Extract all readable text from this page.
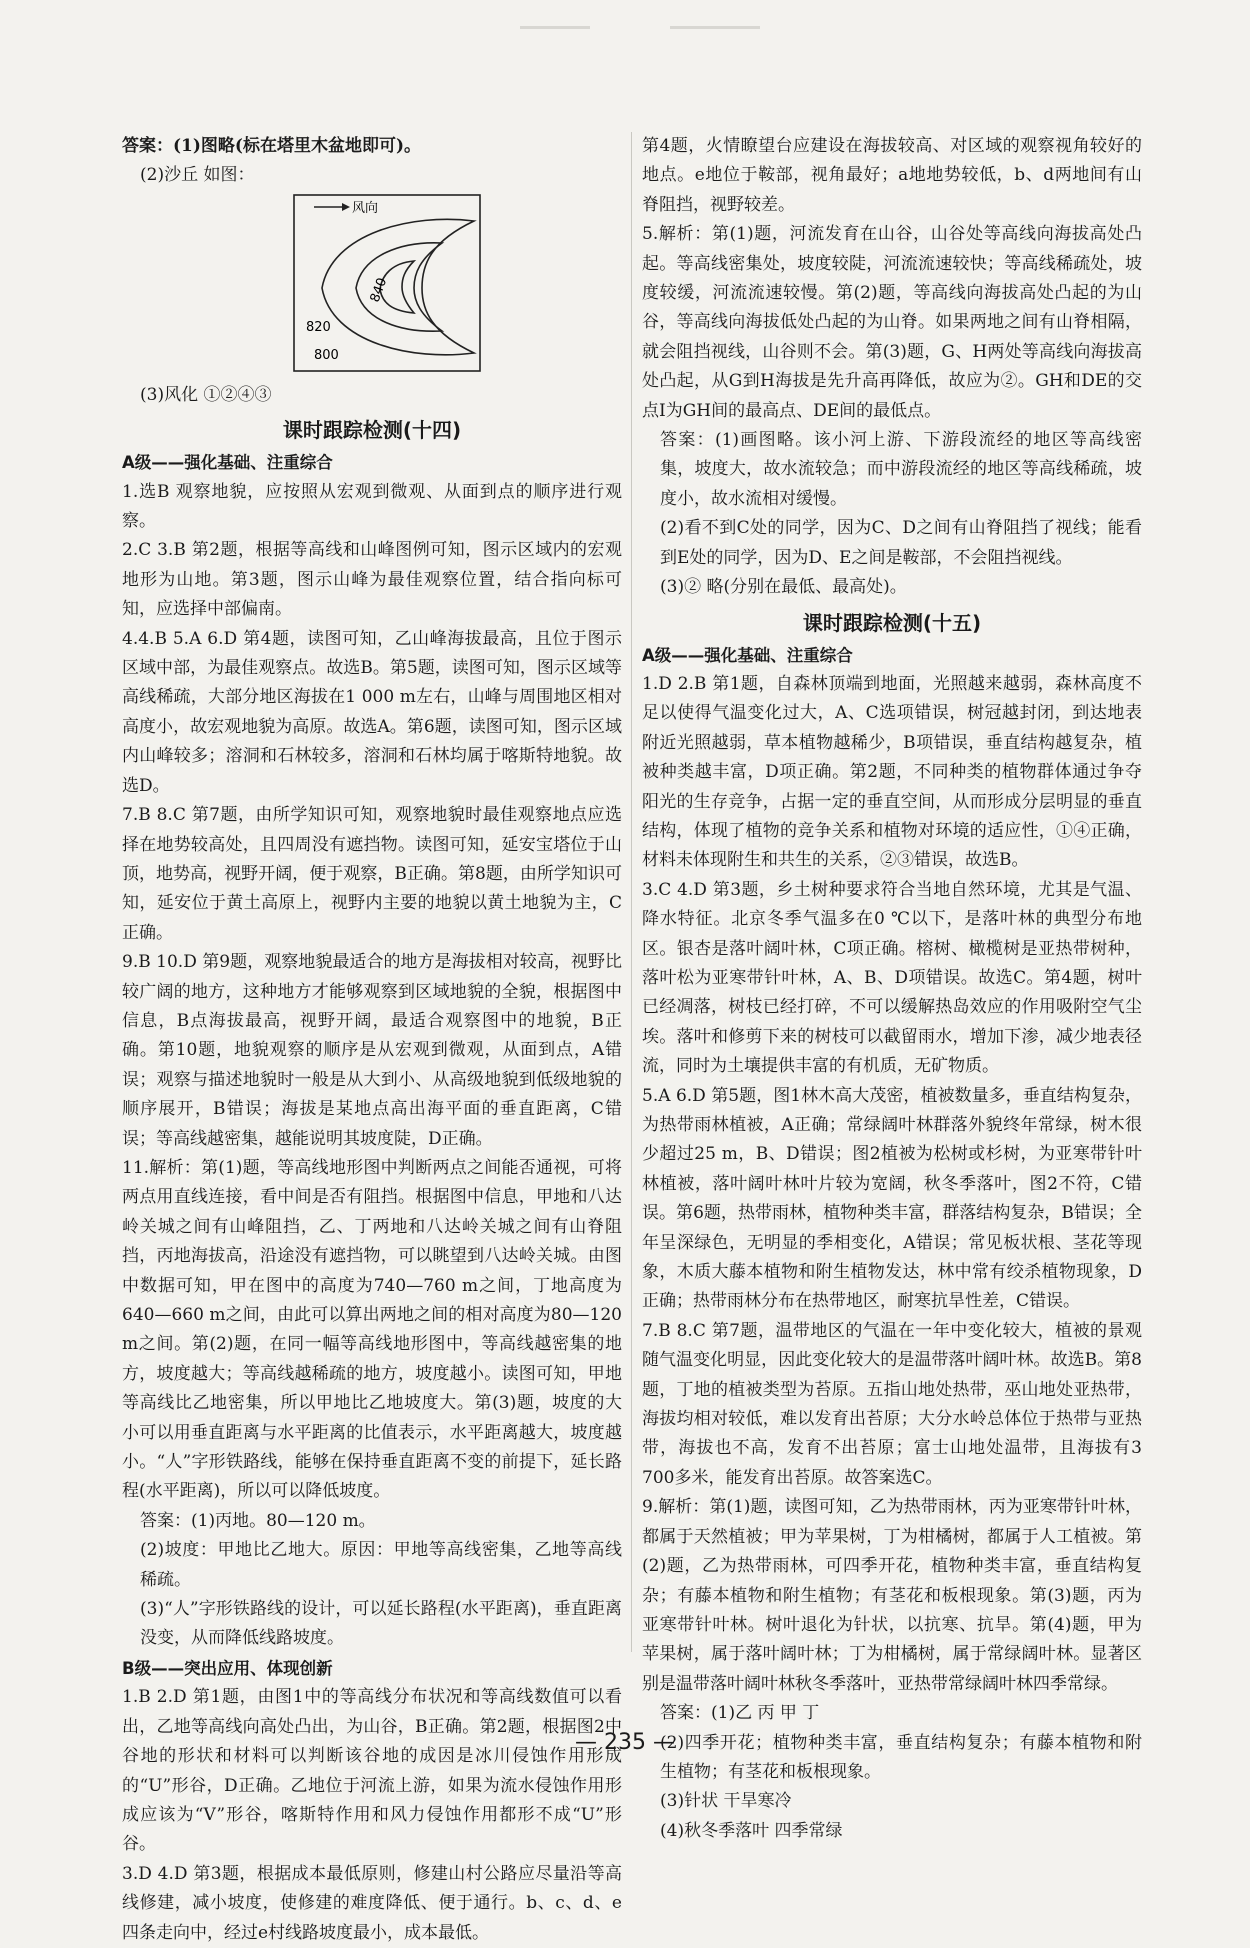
答案：(1)图略(标在塔里木盆地即可)。

(2)沙丘 如图：

风向
840
820
800

(3)风化 ①②④③

课时跟踪检测(十四)

A级——强化基础、注重综合

1.选B 观察地貌，应按照从宏观到微观、从面到点的顺序进行观察。

2.C 3.B 第2题，根据等高线和山峰图例可知，图示区域内的宏观地形为山地。第3题，图示山峰为最佳观察位置，结合指向标可知，应选择中部偏南。

4.4.B 5.A 6.D 第4题，读图可知，乙山峰海拔最高，且位于图示区域中部，为最佳观察点。故选B。第5题，读图可知，图示区域等高线稀疏，大部分地区海拔在1 000 m左右，山峰与周围地区相对高度小，故宏观地貌为高原。故选A。第6题，读图可知，图示区域内山峰较多；溶洞和石林较多，溶洞和石林均属于喀斯特地貌。故选D。

7.B 8.C 第7题，由所学知识可知，观察地貌时最佳观察地点应选择在地势较高处，且四周没有遮挡物。读图可知，延安宝塔位于山顶，地势高，视野开阔，便于观察，B正确。第8题，由所学知识可知，延安位于黄土高原上，视野内主要的地貌以黄土地貌为主，C正确。

9.B 10.D 第9题，观察地貌最适合的地方是海拔相对较高，视野比较广阔的地方，这种地方才能够观察到区域地貌的全貌，根据图中信息，B点海拔最高，视野开阔，最适合观察图中的地貌，B正确。第10题，地貌观察的顺序是从宏观到微观，从面到点，A错误；观察与描述地貌时一般是从大到小、从高级地貌到低级地貌的顺序展开，B错误；海拔是某地点高出海平面的垂直距离，C错误；等高线越密集，越能说明其坡度陡，D正确。

11.解析：第(1)题，等高线地形图中判断两点之间能否通视，可将两点用直线连接，看中间是否有阻挡。根据图中信息，甲地和八达岭关城之间有山峰阻挡，乙、丁两地和八达岭关城之间有山脊阻挡，丙地海拔高，沿途没有遮挡物，可以眺望到八达岭关城。由图中数据可知，甲在图中的高度为740—760 m之间，丁地高度为640—660 m之间，由此可以算出两地之间的相对高度为80—120 m之间。第(2)题，在同一幅等高线地形图中，等高线越密集的地方，坡度越大；等高线越稀疏的地方，坡度越小。读图可知，甲地等高线比乙地密集，所以甲地比乙地坡度大。第(3)题，坡度的大小可以用垂直距离与水平距离的比值表示，水平距离越大，坡度越小。“人”字形铁路线，能够在保持垂直距离不变的前提下，延长路程(水平距离)，所以可以降低坡度。

答案：(1)丙地。80—120 m。

(2)坡度：甲地比乙地大。原因：甲地等高线密集，乙地等高线稀疏。

(3)“人”字形铁路线的设计，可以延长路程(水平距离)，垂直距离没变，从而降低线路坡度。

B级——突出应用、体现创新

1.B 2.D 第1题，由图1中的等高线分布状况和等高线数值可以看出，乙地等高线向高处凸出，为山谷，B正确。第2题，根据图2中谷地的形状和材料可以判断该谷地的成因是冰川侵蚀作用形成的“U”形谷，D正确。乙地位于河流上游，如果为流水侵蚀作用形成应该为“V”形谷，喀斯特作用和风力侵蚀作用都形不成“U”形谷。

3.D 4.D 第3题，根据成本最低原则，修建山村公路应尽量沿等高线修建，减小坡度，使修建的难度降低、便于通行。b、c、d、e四条走向中，经过e村线路坡度最小，成本最低。

第4题，火情瞭望台应建设在海拔较高、对区域的观察视角较好的地点。e地位于鞍部，视角最好；a地地势较低，b、d两地间有山脊阻挡，视野较差。

5.解析：第(1)题，河流发育在山谷，山谷处等高线向海拔高处凸起。等高线密集处，坡度较陡，河流流速较快；等高线稀疏处，坡度较缓，河流流速较慢。第(2)题，等高线向海拔高处凸起的为山谷，等高线向海拔低处凸起的为山脊。如果两地之间有山脊相隔，就会阻挡视线，山谷则不会。第(3)题，G、H两处等高线向海拔高处凸起，从G到H海拔是先升高再降低，故应为②。GH和DE的交点I为GH间的最高点、DE间的最低点。

答案：(1)画图略。该小河上游、下游段流经的地区等高线密集，坡度大，故水流较急；而中游段流经的地区等高线稀疏，坡度小，故水流相对缓慢。

(2)看不到C处的同学，因为C、D之间有山脊阻挡了视线；能看到E处的同学，因为D、E之间是鞍部，不会阻挡视线。

(3)② 略(分别在最低、最高处)。

课时跟踪检测(十五)

A级——强化基础、注重综合

1.D 2.B 第1题，自森林顶端到地面，光照越来越弱，森林高度不足以使得气温变化过大，A、C选项错误，树冠越封闭，到达地表附近光照越弱，草本植物越稀少，B项错误，垂直结构越复杂，植被种类越丰富，D项正确。第2题，不同种类的植物群体通过争夺阳光的生存竞争，占据一定的垂直空间，从而形成分层明显的垂直结构，体现了植物的竞争关系和植物对环境的适应性，①④正确，材料未体现附生和共生的关系，②③错误，故选B。

3.C 4.D 第3题，乡土树种要求符合当地自然环境，尤其是气温、降水特征。北京冬季气温多在0 ℃以下，是落叶林的典型分布地区。银杏是落叶阔叶林，C项正确。榕树、橄榄树是亚热带树种，落叶松为亚寒带针叶林，A、B、D项错误。故选C。第4题，树叶已经凋落，树枝已经打碎，不可以缓解热岛效应的作用吸附空气尘埃。落叶和修剪下来的树枝可以截留雨水，增加下渗，减少地表径流，同时为土壤提供丰富的有机质，无矿物质。

5.A 6.D 第5题，图1林木高大茂密，植被数量多，垂直结构复杂，为热带雨林植被，A正确；常绿阔叶林群落外貌终年常绿，树木很少超过25 m，B、D错误；图2植被为松树或杉树，为亚寒带针叶林植被，落叶阔叶林叶片较为宽阔，秋冬季落叶，图2不符，C错误。第6题，热带雨林，植物种类丰富，群落结构复杂，B错误；全年呈深绿色，无明显的季相变化，A错误；常见板状根、茎花等现象，木质大藤本植物和附生植物发达，林中常有绞杀植物现象，D正确；热带雨林分布在热带地区，耐寒抗旱性差，C错误。

7.B 8.C 第7题，温带地区的气温在一年中变化较大，植被的景观随气温变化明显，因此变化较大的是温带落叶阔叶林。故选B。第8题，丁地的植被类型为苔原。五指山地处热带，巫山地处亚热带，海拔均相对较低，难以发育出苔原；大分水岭总体位于热带与亚热带，海拔也不高，发育不出苔原；富士山地处温带，且海拔有3 700多米，能发育出苔原。故答案选C。

9.解析：第(1)题，读图可知，乙为热带雨林，丙为亚寒带针叶林，都属于天然植被；甲为苹果树，丁为柑橘树，都属于人工植被。第(2)题，乙为热带雨林，可四季开花，植物种类丰富，垂直结构复杂；有藤本植物和附生植物；有茎花和板根现象。第(3)题，丙为亚寒带针叶林。树叶退化为针状，以抗寒、抗旱。第(4)题，甲为苹果树，属于落叶阔叶林；丁为柑橘树，属于常绿阔叶林。显著区别是温带落叶阔叶林秋冬季落叶，亚热带常绿阔叶林四季常绿。

答案：(1)乙 丙 甲 丁

(2)四季开花；植物种类丰富，垂直结构复杂；有藤本植物和附生植物；有茎花和板根现象。

(3)针状 干旱寒冷

(4)秋冬季落叶 四季常绿

— 235 —
